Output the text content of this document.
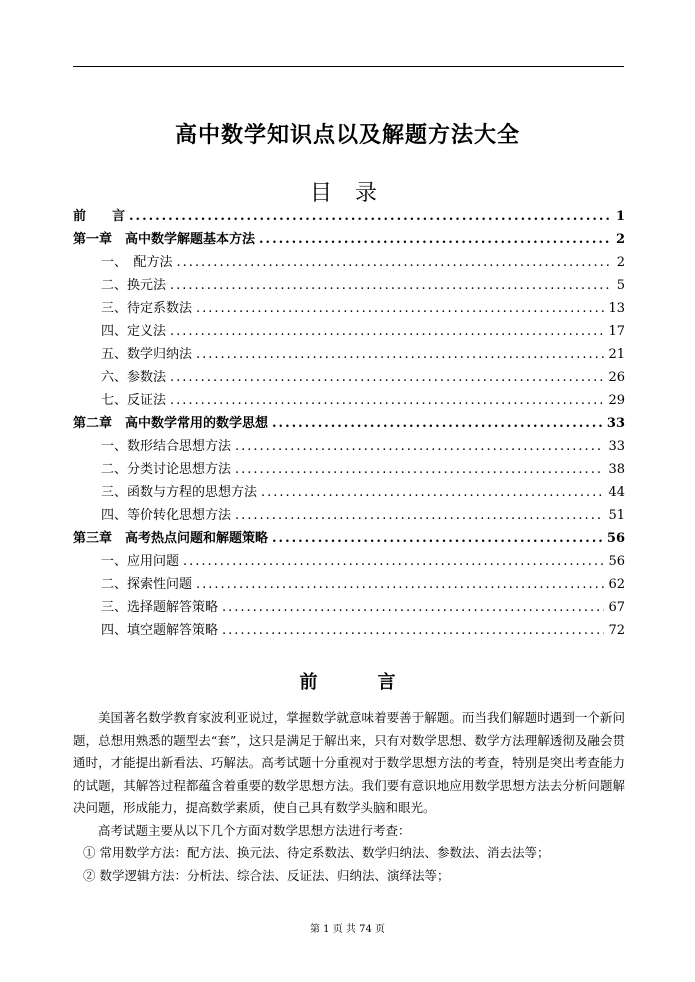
高中数学知识点以及解题方法大全
目 录
前　　言 .....	1
第一章　高中数学解题基本方法 .....	2
一、　配方法 .....	2
二、换元法 .....	5
三、待定系数法 .....	13
四、定义法 .....	17
五、数学归纳法 .....	21
六、参数法 .....	26
七、反证法 .....	29
第二章　高中数学常用的数学思想 .....	33
一、数形结合思想方法 .....	33
二、分类讨论思想方法 .....	38
三、函数与方程的思想方法 .....	44
四、等价转化思想方法 .....	51
第三章　高考热点问题和解题策略 .....	56
一、应用问题 .....	56
二、探索性问题 .....	62
三、选择题解答策略 .....	67
四、填空题解答策略 .....	72
前	言

美国著名数学教育家波利亚说过，掌握数学就意味着要善于解题。而当我们解题时遇到一个新问题，总想用熟悉的题型去“套”，这只是满足于解出来，只有对数学思想、数学方法理解透彻及融会贯通时，才能提出新看法、巧解法。高考试题十分重视对于数学思想方法的考查，特别是突出考查能力的试题，其解答过程都蕴含着重要的数学思想方法。我们要有意识地应用数学思想方法去分析问题解决问题，形成能力，提高数学素质，使自己具有数学头脑和眼光。

高考试题主要从以下几个方面对数学思想方法进行考查：

① 常用数学方法：配方法、换元法、待定系数法、数学归纳法、参数法、消去法等；

② 数学逻辑方法：分析法、综合法、反证法、归纳法、演绎法等；

第 1 页 共 74 页
